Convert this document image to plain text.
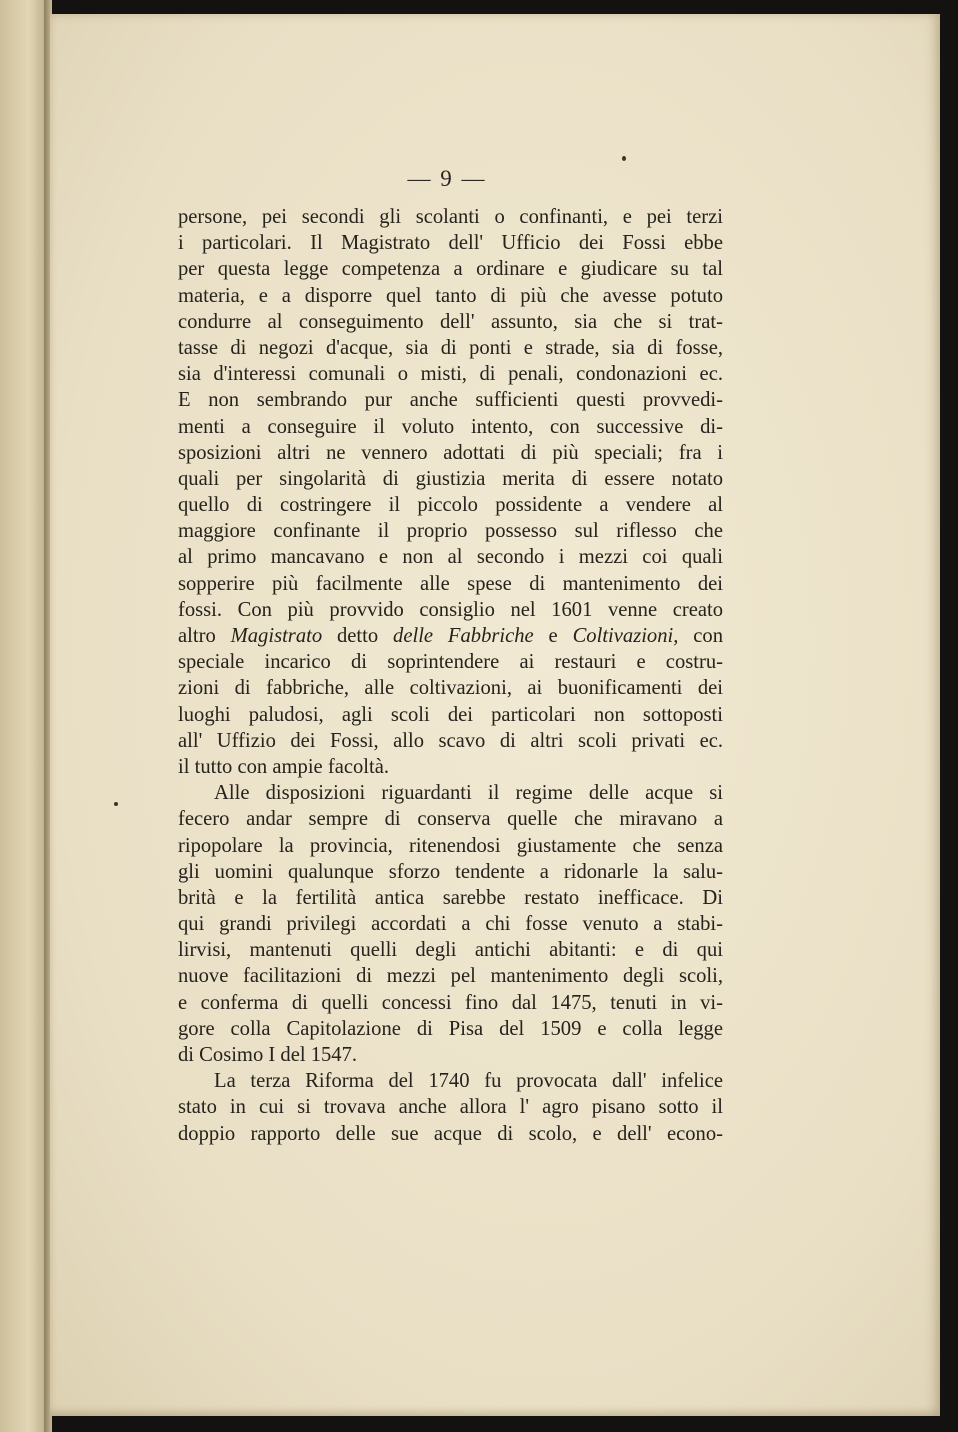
— 9 —
persone, pei secondi gli scolanti o confinanti, e pei terzi
i particolari. Il Magistrato dell' Ufficio dei Fossi ebbe
per questa legge competenza a ordinare e giudicare su tal
materia, e a disporre quel tanto di più che avesse potuto
condurre al conseguimento dell' assunto, sia che si trat-
tasse di negozi d'acque, sia di ponti e strade, sia di fosse,
sia d'interessi comunali o misti, di penali, condonazioni ec.
E non sembrando pur anche sufficienti questi provvedi-
menti a conseguire il voluto intento, con successive di-
sposizioni altri ne vennero adottati di più speciali; fra i
quali per singolarità di giustizia merita di essere notato
quello di costringere il piccolo possidente a vendere al
maggiore confinante il proprio possesso sul riflesso che
al primo mancavano e non al secondo i mezzi coi quali
sopperire più facilmente alle spese di mantenimento dei
fossi. Con più provvido consiglio nel 1601 venne creato
altro Magistrato detto delle Fabbriche e Coltivazioni, con
speciale incarico di soprintendere ai restauri e costru-
zioni di fabbriche, alle coltivazioni, ai buonificamenti dei
luoghi paludosi, agli scoli dei particolari non sottoposti
all' Uffizio dei Fossi, allo scavo di altri scoli privati ec.
il tutto con ampie facoltà.
Alle disposizioni riguardanti il regime delle acque si
fecero andar sempre di conserva quelle che miravano a
ripopolare la provincia, ritenendosi giustamente che senza
gli uomini qualunque sforzo tendente a ridonarle la salu-
brità e la fertilità antica sarebbe restato inefficace. Di
qui grandi privilegi accordati a chi fosse venuto a stabi-
lirvisi, mantenuti quelli degli antichi abitanti: e di qui
nuove facilitazioni di mezzi pel mantenimento degli scoli,
e conferma di quelli concessi fino dal 1475, tenuti in vi-
gore colla Capitolazione di Pisa del 1509 e colla legge
di Cosimo I del 1547.
La terza Riforma del 1740 fu provocata dall' infelice
stato in cui si trovava anche allora l' agro pisano sotto il
doppio rapporto delle sue acque di scolo, e dell' econo-
